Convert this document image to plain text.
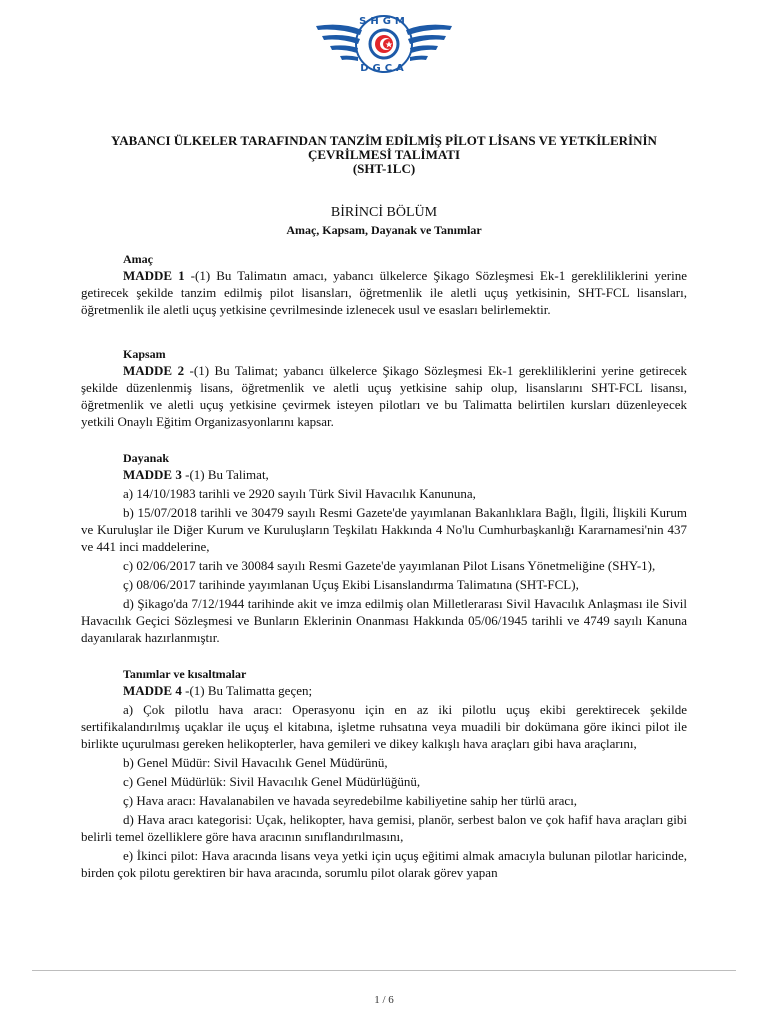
SHGM
DGCA
YABANCI ÜLKELER TARAFINDAN TANZİM EDİLMİŞ PİLOT LİSANS VE YETKİLERİNİN
ÇEVRİLMESİ TALİMATI
(SHT-1LC)
BİRİNCİ BÖLÜM
Amaç, Kapsam, Dayanak ve Tanımlar
Amaç

MADDE 1 -(1) Bu Talimatın amacı, yabancı ülkelerce Şikago Sözleşmesi Ek-1 gerekliliklerini yerine getirecek şekilde tanzim edilmiş pilot lisansları, öğretmenlik ile aletli uçuş yetkisinin, SHT-FCL lisansları, öğretmenlik ile aletli uçuş yetkisine çevrilmesinde izlenecek usul ve esasları belirlemektir.

Kapsam

MADDE 2 -(1) Bu Talimat; yabancı ülkelerce Şikago Sözleşmesi Ek-1 gerekliliklerini yerine getirecek şekilde düzenlenmiş lisans, öğretmenlik ve aletli uçuş yetkisine sahip olup, lisanslarını SHT-FCL lisansı, öğretmenlik ve aletli uçuş yetkisine çevirmek isteyen pilotları ve bu Talimatta belirtilen kursları düzenleyecek yetkili Onaylı Eğitim Organizasyonlarını kapsar.

Dayanak

MADDE 3 -(1) Bu Talimat,

a) 14/10/1983 tarihli ve 2920 sayılı Türk Sivil Havacılık Kanununa,

b) 15/07/2018 tarihli ve 30479 sayılı Resmi Gazete'de yayımlanan Bakanlıklara Bağlı, İlgili, İlişkili Kurum ve Kuruluşlar ile Diğer Kurum ve Kuruluşların Teşkilatı Hakkında 4 No'lu Cumhurbaşkanlığı Kararnamesi'nin 437 ve 441 inci maddelerine,

c) 02/06/2017 tarih ve 30084 sayılı Resmi Gazete'de yayımlanan Pilot Lisans Yönetmeliğine (SHY-1),

ç) 08/06/2017 tarihinde yayımlanan Uçuş Ekibi Lisanslandırma Talimatına (SHT-FCL),

d) Şikago'da 7/12/1944 tarihinde akit ve imza edilmiş olan Milletlerarası Sivil Havacılık Anlaşması ile Sivil Havacılık Geçici Sözleşmesi ve Bunların Eklerinin Onanması Hakkında 05/06/1945 tarihli ve 4749 sayılı Kanuna dayanılarak hazırlanmıştır.

Tanımlar ve kısaltmalar

MADDE 4 -(1) Bu Talimatta geçen;

a) Çok pilotlu hava aracı: Operasyonu için en az iki pilotlu uçuş ekibi gerektirecek şekilde sertifikalandırılmış uçaklar ile uçuş el kitabına, işletme ruhsatına veya muadili bir dokümana göre ikinci pilot ile birlikte uçurulması gereken helikopterler, hava gemileri ve dikey kalkışlı hava araçları gibi hava araçlarını,

b) Genel Müdür: Sivil Havacılık Genel Müdürünü,

c) Genel Müdürlük: Sivil Havacılık Genel Müdürlüğünü,

ç) Hava aracı: Havalanabilen ve havada seyredebilme kabiliyetine sahip her türlü aracı,

d) Hava aracı kategorisi: Uçak, helikopter, hava gemisi, planör, serbest balon ve çok hafif hava araçları gibi belirli temel özelliklere göre hava aracının sınıflandırılmasını,

e) İkinci pilot: Hava aracında lisans veya yetki için uçuş eğitimi almak amacıyla bulunan pilotlar haricinde, birden çok pilotu gerektiren bir hava aracında, sorumlu pilot olarak görev yapan

1 / 6
